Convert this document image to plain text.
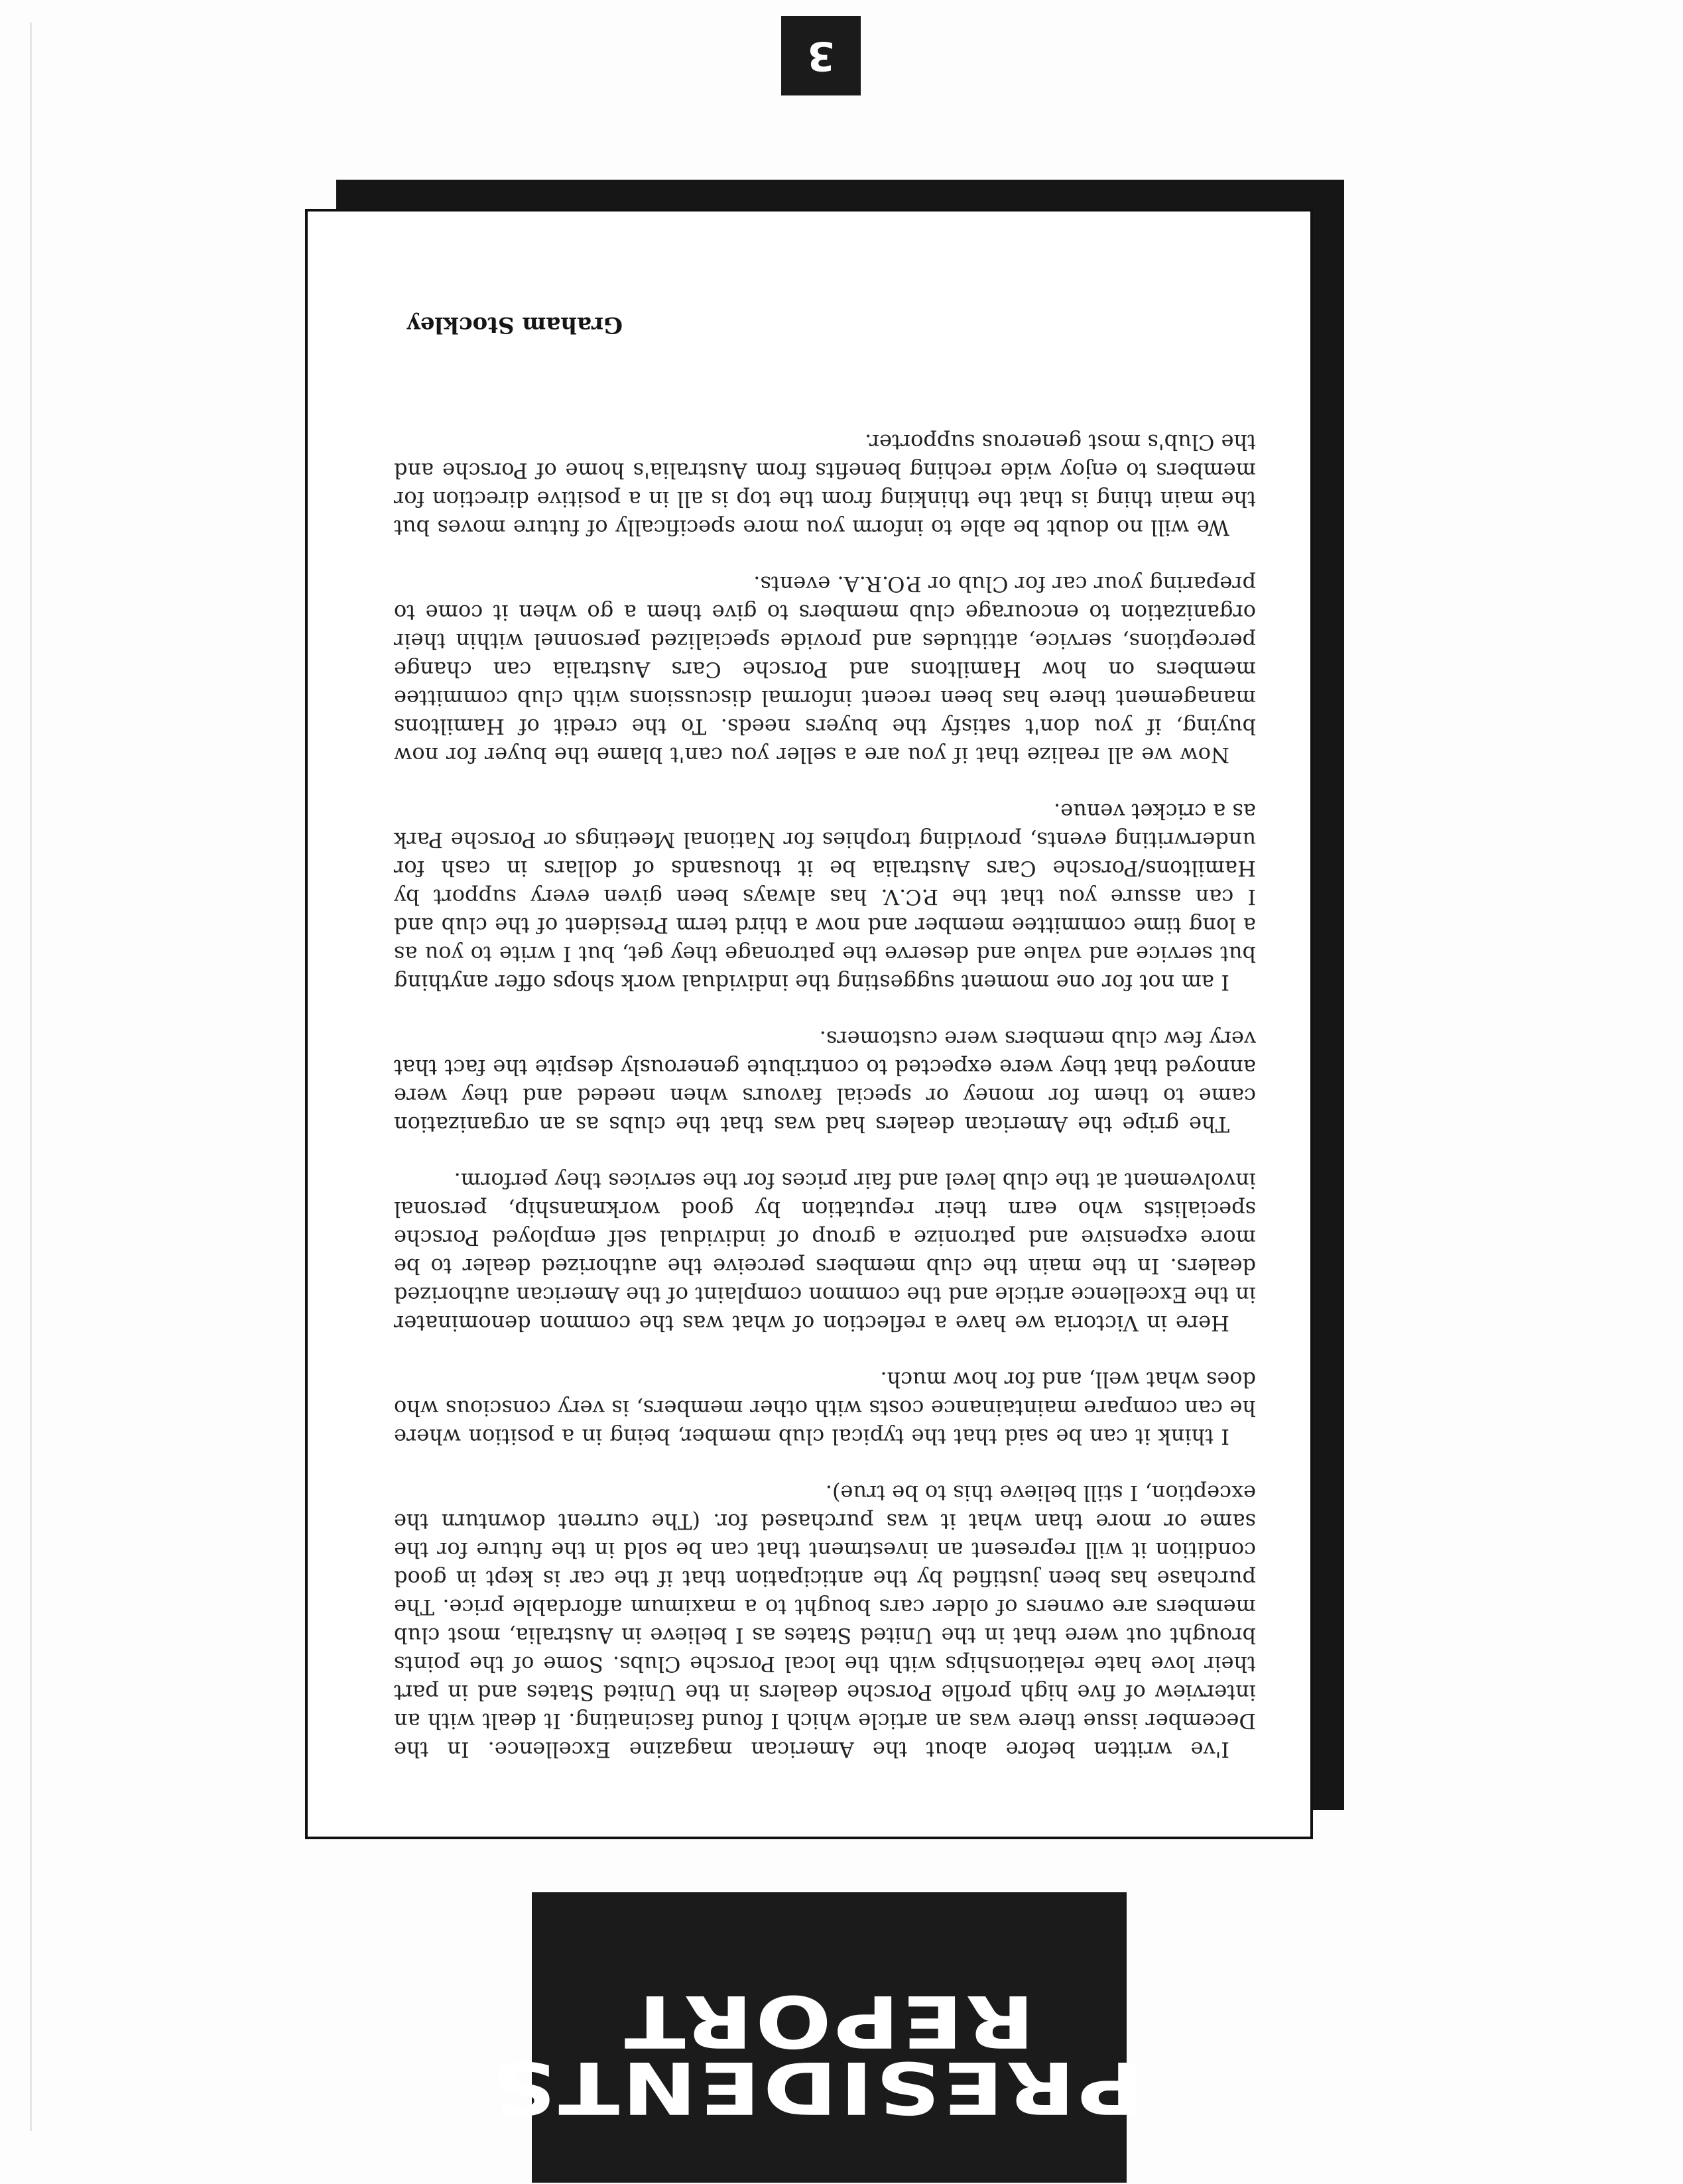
PRESIDENTS
REPORT

I've written before about the American magazine Excellence. In the December issue there was an article which I found fascinating. It dealt with an interview of five high profile Porsche dealers in the United States and in part their love hate relationships with the local Porsche Clubs. Some of the points brought out were that in the United States as I believe in Australia, most club members are owners of older cars bought to a maximum affordable price. The purchase has been justified by the anticipation that if the car is kept in good condition it will represent an investment that can be sold in the future for the same or more than what it was purchased for. (The current downturn the exception, I still believe this to be true).

I think it can be said that the typical club member, being in a position where he can compare maintainance costs with other members, is very conscious who does what well, and for how much.

Here in Victoria we have a reflection of what was the common denominater in the Excellence article and the common complaint of the American authorized dealers. In the main the club members perceive the authorized dealer to be more expensive and patronize a group of individual self employed Porsche specialists who earn their reputation by good workmanship, personal involvement at the club level and fair prices for the services they perform.

The gripe the American dealers had was that the clubs as an organization came to them for money or special favours when needed and they were annoyed that they were expected to contribute generously despite the fact that very few club members were customers.

I am not for one moment suggesting the individual work shops offer anything but service and value and deserve the patronage they get, but I write to you as a long time committee member and now a third term President of the club and I can assure you that the P.C.V. has always been given every support by Hamiltons/Porsche Cars Australia be it thousands of dollars in cash for underwriting events, providing trophies for National Meetings or Porsche Park as a cricket venue.

Now we all realize that if you are a seller you can't blame the buyer for now buying, if you don't satisfy the buyers needs. To the credit of Hamiltons management there has been recent informal discussions with club committee members on how Hamiltons and Porsche Cars Australia can change perceptions, service, attitudes and provide specialized personnel within their organization to encourage club members to give them a go when it come to preparing your car for Club or P.O.R.A. events.

We will no doubt be able to inform you more specifically of future moves but the main thing is that the thinking from the top is all in a positive direction for members to enjoy wide reching benefits from Australia's home of Porsche and the Club's most generous supporter.

Graham Stockley
3
